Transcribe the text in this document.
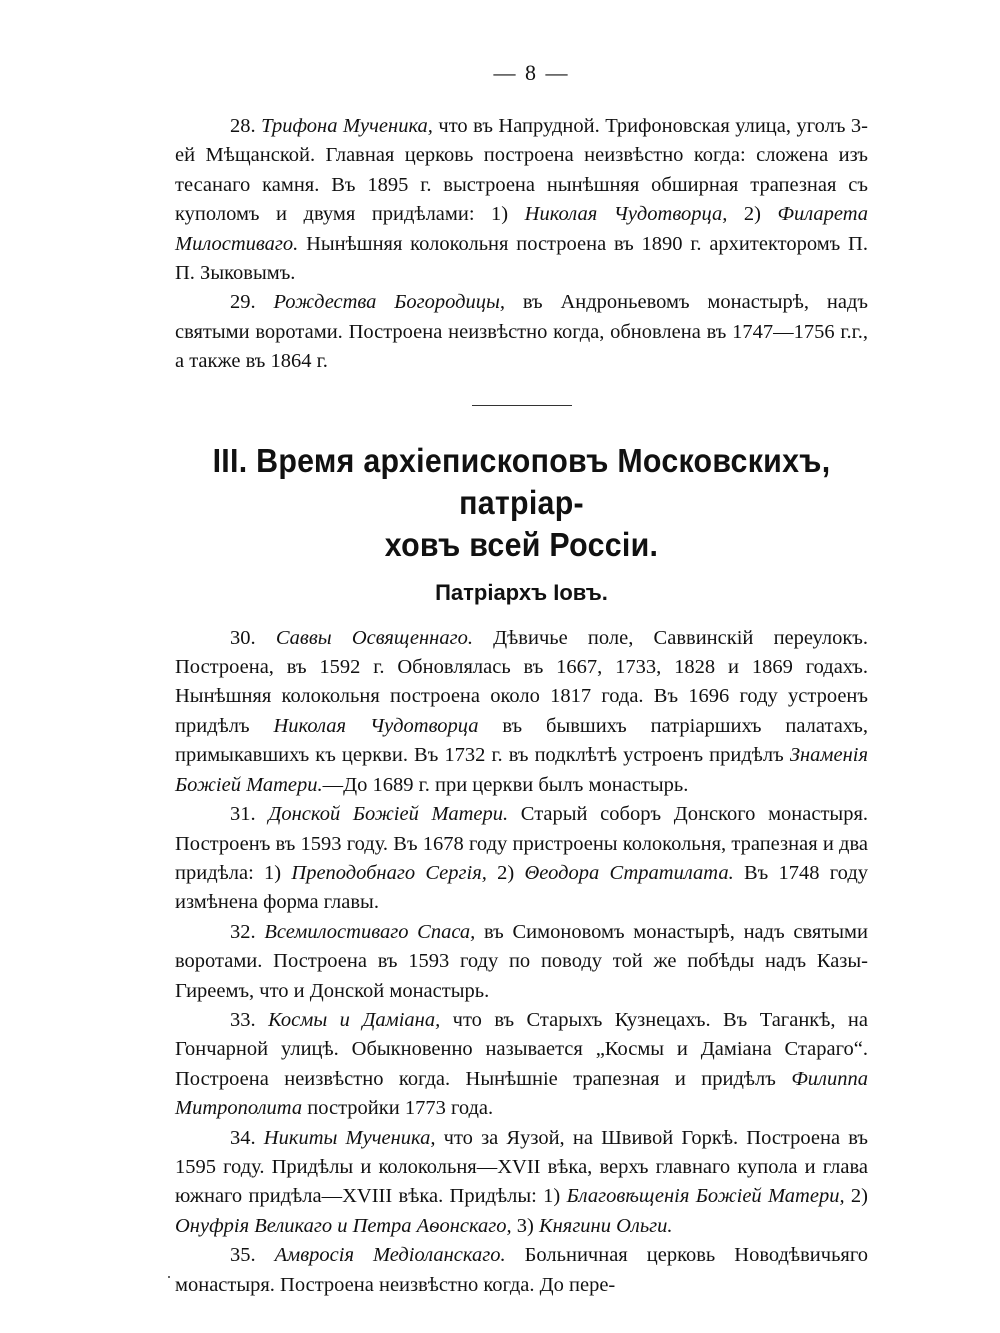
— 8 —

28. Трифона Мученика, что въ Напрудной. Трифоновская улица, уголъ 3-ей Мѣщанской. Главная церковь построена неизвѣстно когда: сложена изъ тесанаго камня. Въ 1895 г. выстроена нынѣшняя обширная трапезная съ куполомъ и двумя придѣлами: 1) Николая Чудотворца, 2) Филарета Милостиваго. Нынѣшняя колокольня построена въ 1890 г. архитекторомъ П. П. Зыковымъ.

29. Рождества Богородицы, въ Андроньевомъ монастырѣ, надъ святыми воротами. Построена неизвѣстно когда, обновлена въ 1747—1756 г.г., а также въ 1864 г.

III. Время архіепископовъ Московскихъ, патріар-
ховъ всей Россіи.
Патріархъ Іовъ.

30. Саввы Освященнаго. Дѣвичье поле, Саввинскій переулокъ. Построена, въ 1592 г. Обновлялась въ 1667, 1733, 1828 и 1869 годахъ. Нынѣшняя колокольня построена около 1817 года. Въ 1696 году устроенъ придѣлъ Николая Чудотворца въ бывшихъ патріаршихъ палатахъ, примыкавшихъ къ церкви. Въ 1732 г. въ подклѣтѣ устроенъ придѣлъ Знаменія Божіей Матери.—До 1689 г. при церкви былъ монастырь.

31. Донской Божіей Матери. Старый соборъ Донского монастыря. Построенъ въ 1593 году. Въ 1678 году пристроены колокольня, трапезная и два придѣла: 1) Преподобнаго Сергія, 2) Θеодора Стратилата. Въ 1748 году измѣнена форма главы.

32. Всемилостиваго Спаса, въ Симоновомъ монастырѣ, надъ святыми воротами. Построена въ 1593 году по поводу той же побѣды надъ Казы-Гиреемъ, что и Донской монастырь.

33. Космы и Даміана, что въ Старыхъ Кузнецахъ. Въ Таганкѣ, на Гончарной улицѣ. Обыкновенно называется „Космы и Даміана Стараго“. Построена неизвѣстно когда. Нынѣшніе трапезная и придѣлъ Филиппа Митрополита постройки 1773 года.

34. Никиты Мученика, что за Яузой, на Швивой Горкѣ. Построена въ 1595 году. Придѣлы и колокольня—XVII вѣка, верхъ главнаго купола и глава южнаго придѣла—XVIII вѣка. Придѣлы: 1) Благовѣщенія Божіей Матери, 2) Онуфрія Великаго и Петра Аѳонскаго, 3) Княгини Ольги.

35. Амвросія Медіоланскаго. Больничная церковь Новодѣвичьяго монастыря. Построена неизвѣстно когда. До пере-
